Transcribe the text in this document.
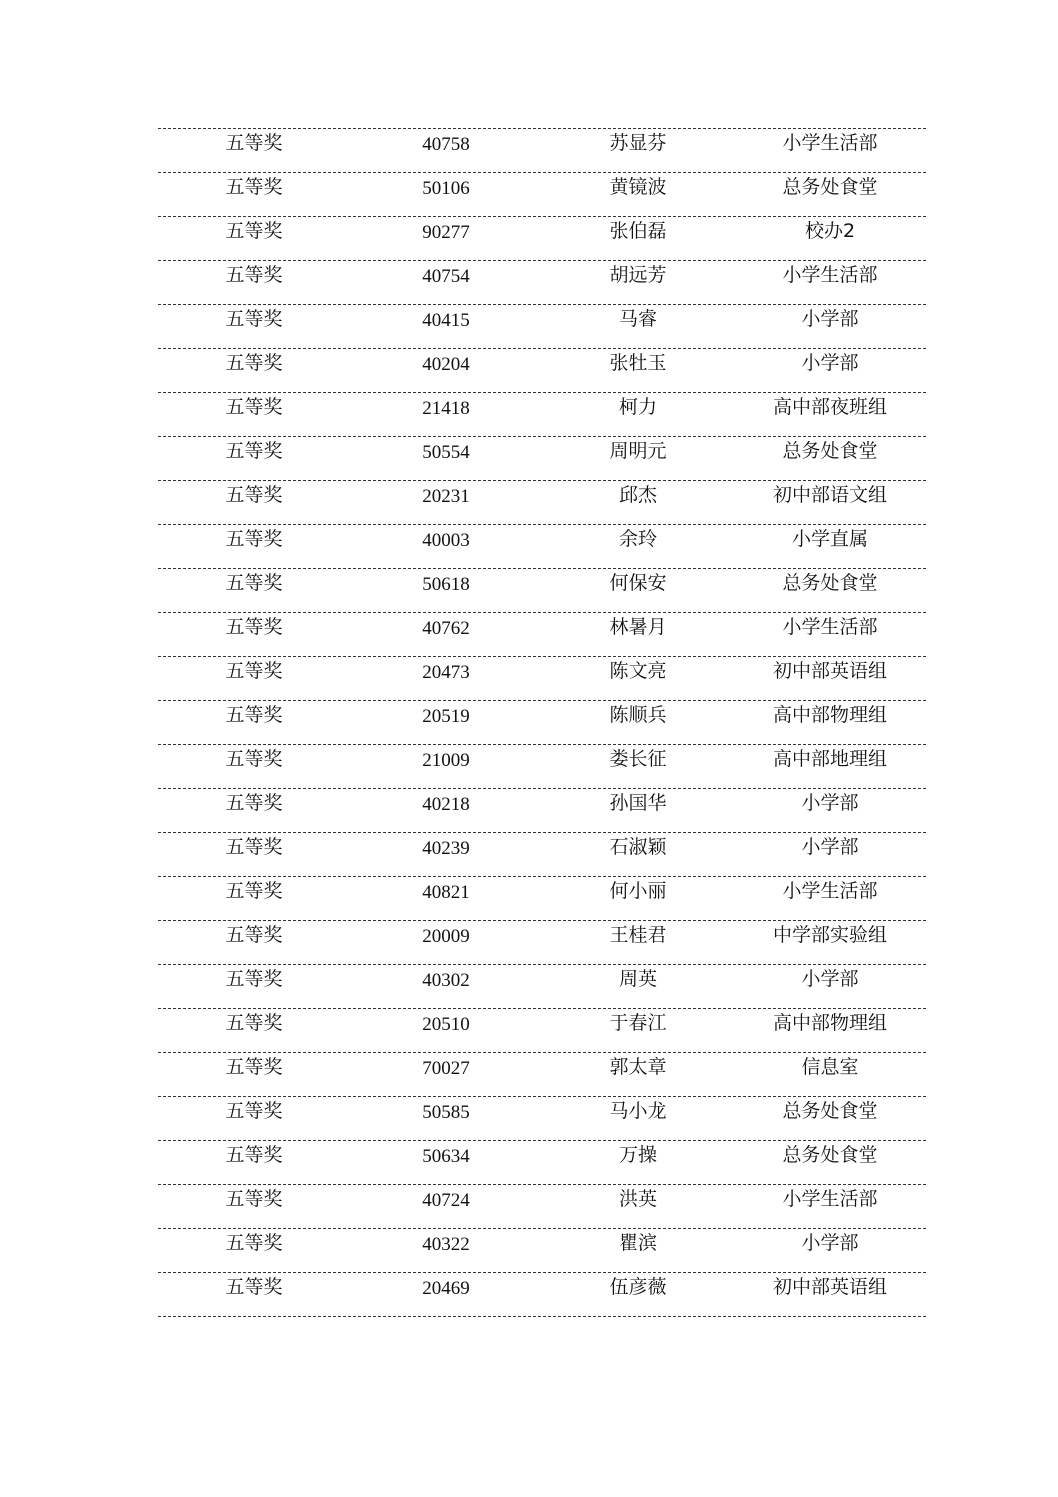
五等奖	40758	苏显芬	小学生活部
五等奖	50106	黄镜波	总务处食堂
五等奖	90277	张伯磊	校办2
五等奖	40754	胡远芳	小学生活部
五等奖	40415	马睿	小学部
五等奖	40204	张牡玉	小学部
五等奖	21418	柯力	高中部夜班组
五等奖	50554	周明元	总务处食堂
五等奖	20231	邱杰	初中部语文组
五等奖	40003	余玲	小学直属
五等奖	50618	何保安	总务处食堂
五等奖	40762	林暑月	小学生活部
五等奖	20473	陈文亮	初中部英语组
五等奖	20519	陈顺兵	高中部物理组
五等奖	21009	娄长征	高中部地理组
五等奖	40218	孙国华	小学部
五等奖	40239	石淑颖	小学部
五等奖	40821	何小丽	小学生活部
五等奖	20009	王桂君	中学部实验组
五等奖	40302	周英	小学部
五等奖	20510	于春江	高中部物理组
五等奖	70027	郭太章	信息室
五等奖	50585	马小龙	总务处食堂
五等奖	50634	万操	总务处食堂
五等奖	40724	洪英	小学生活部
五等奖	40322	瞿滨	小学部
五等奖	20469	伍彦薇	初中部英语组
